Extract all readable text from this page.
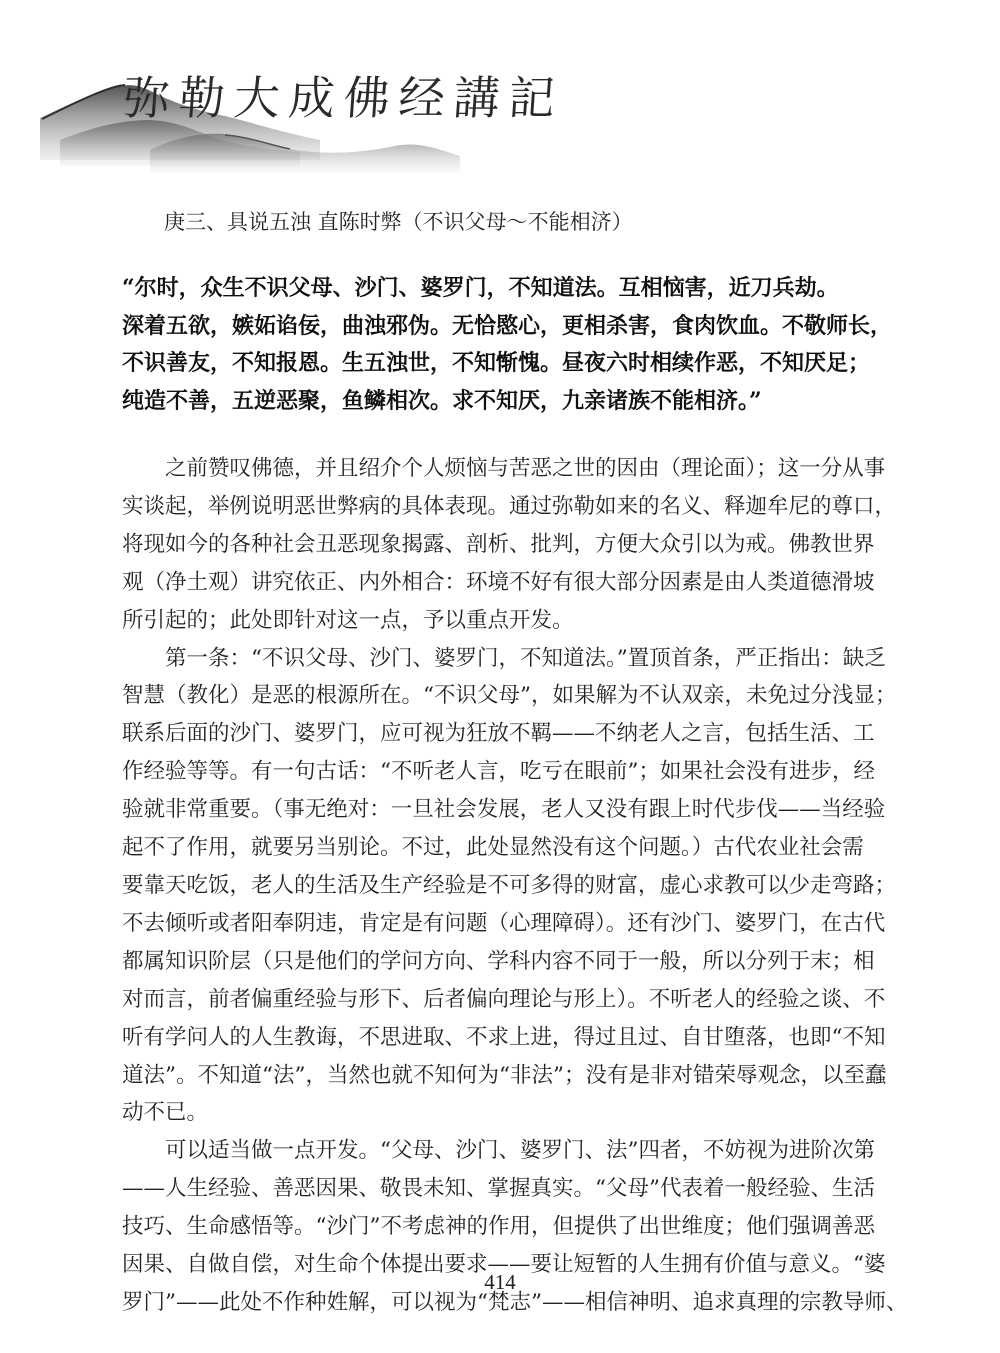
弥勒大成佛经講記
庚三、具说五浊 直陈时弊（不识父母～不能相济）

“尔时，众生不识父母、沙门、婆罗门，不知道法。互相恼害，近刀兵劫。

深着五欲，嫉妬谄佞，曲浊邪伪。无恰愍心，更相杀害，食肉饮血。不敬师长，

不识善友，不知报恩。生五浊世，不知惭愧。昼夜六时相续作恶，不知厌足；

纯造不善，五逆恶聚，鱼鳞相次。求不知厌，九亲诸族不能相济。”

　　之前赞叹佛德，并且绍介个人烦恼与苦恶之世的因由（理论面）；这一分从事

实谈起，举例说明恶世弊病的具体表现。通过弥勒如来的名义、释迦牟尼的尊口，

将现如今的各种社会丑恶现象揭露、剖析、批判，方便大众引以为戒。佛教世界

观（净土观）讲究依正、内外相合：环境不好有很大部分因素是由人类道德滑坡

所引起的；此处即针对这一点，予以重点开发。

　　第一条：“不识父母、沙门、婆罗门，不知道法。”置顶首条，严正指出：缺乏

智慧（教化）是恶的根源所在。“不识父母”，如果解为不认双亲，未免过分浅显；

联系后面的沙门、婆罗门，应可视为狂放不羁——不纳老人之言，包括生活、工

作经验等等。有一句古话：“不听老人言，吃亏在眼前”；如果社会没有进步，经

验就非常重要。（事无绝对：一旦社会发展，老人又没有跟上时代步伐——当经验

起不了作用，就要另当别论。不过，此处显然没有这个问题。）古代农业社会需

要靠天吃饭，老人的生活及生产经验是不可多得的财富，虚心求教可以少走弯路；

不去倾听或者阳奉阴违，肯定是有问题（心理障碍）。还有沙门、婆罗门，在古代

都属知识阶层（只是他们的学问方向、学科内容不同于一般，所以分列于末；相

对而言，前者偏重经验与形下、后者偏向理论与形上）。不听老人的经验之谈、不

听有学问人的人生教诲，不思进取、不求上进，得过且过、自甘堕落，也即“不知

道法”。不知道“法”，当然也就不知何为“非法”；没有是非对错荣辱观念，以至蠢

动不已。

　　可以适当做一点开发。“父母、沙门、婆罗门、法”四者，不妨视为进阶次第

——人生经验、善恶因果、敬畏未知、掌握真实。“父母”代表着一般经验、生活

技巧、生命感悟等。“沙门”不考虑神的作用，但提供了出世维度；他们强调善恶

因果、自做自偿，对生命个体提出要求——要让短暂的人生拥有价值与意义。“婆

罗门”——此处不作种姓解，可以视为“梵志”——相信神明、追求真理的宗教导师、

414
